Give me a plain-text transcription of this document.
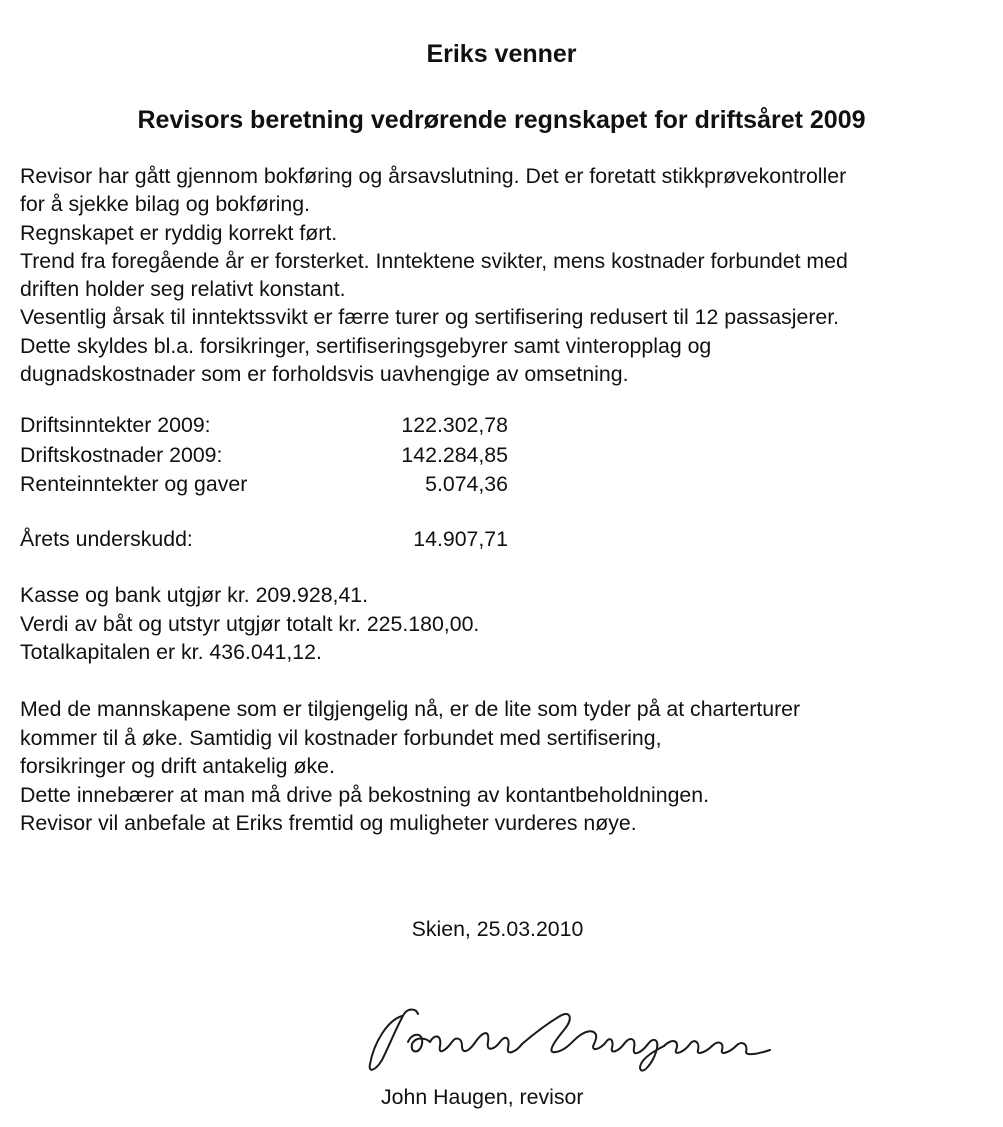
Eriks venner
Revisors beretning vedrørende regnskapet for driftsåret 2009
Revisor har gått gjennom bokføring og årsavslutning. Det er foretatt stikkprøvekontroller
for å sjekke bilag og bokføring.
Regnskapet er ryddig korrekt ført.
Trend fra foregående år er forsterket. Inntektene svikter, mens kostnader forbundet med
driften holder seg relativt konstant.
Vesentlig årsak til inntektssvikt er færre turer og sertifisering redusert til 12 passasjerer.
Dette skyldes bl.a. forsikringer, sertifiseringsgebyrer samt vinteropplag og
dugnadskostnader som er forholdsvis uavhengige av omsetning.
Driftsinntekter 2009:	122.302,78
Driftskostnader 2009:	142.284,85
Renteinntekter og gaver	5.074,36
Årets underskudd:	14.907,71
Kasse og bank utgjør kr. 209.928,41.
Verdi av båt og utstyr utgjør totalt kr. 225.180,00.
Totalkapitalen er kr. 436.041,12.
Med de mannskapene som er tilgjengelig nå, er de lite som tyder på at charterturer
kommer til å øke. Samtidig vil kostnader forbundet med sertifisering,
forsikringer og drift antakelig øke.
Dette innebærer at man må drive på bekostning av kontantbeholdningen.
Revisor vil anbefale at Eriks fremtid og muligheter vurderes nøye.
Skien, 25.03.2010
John Haugen, revisor
